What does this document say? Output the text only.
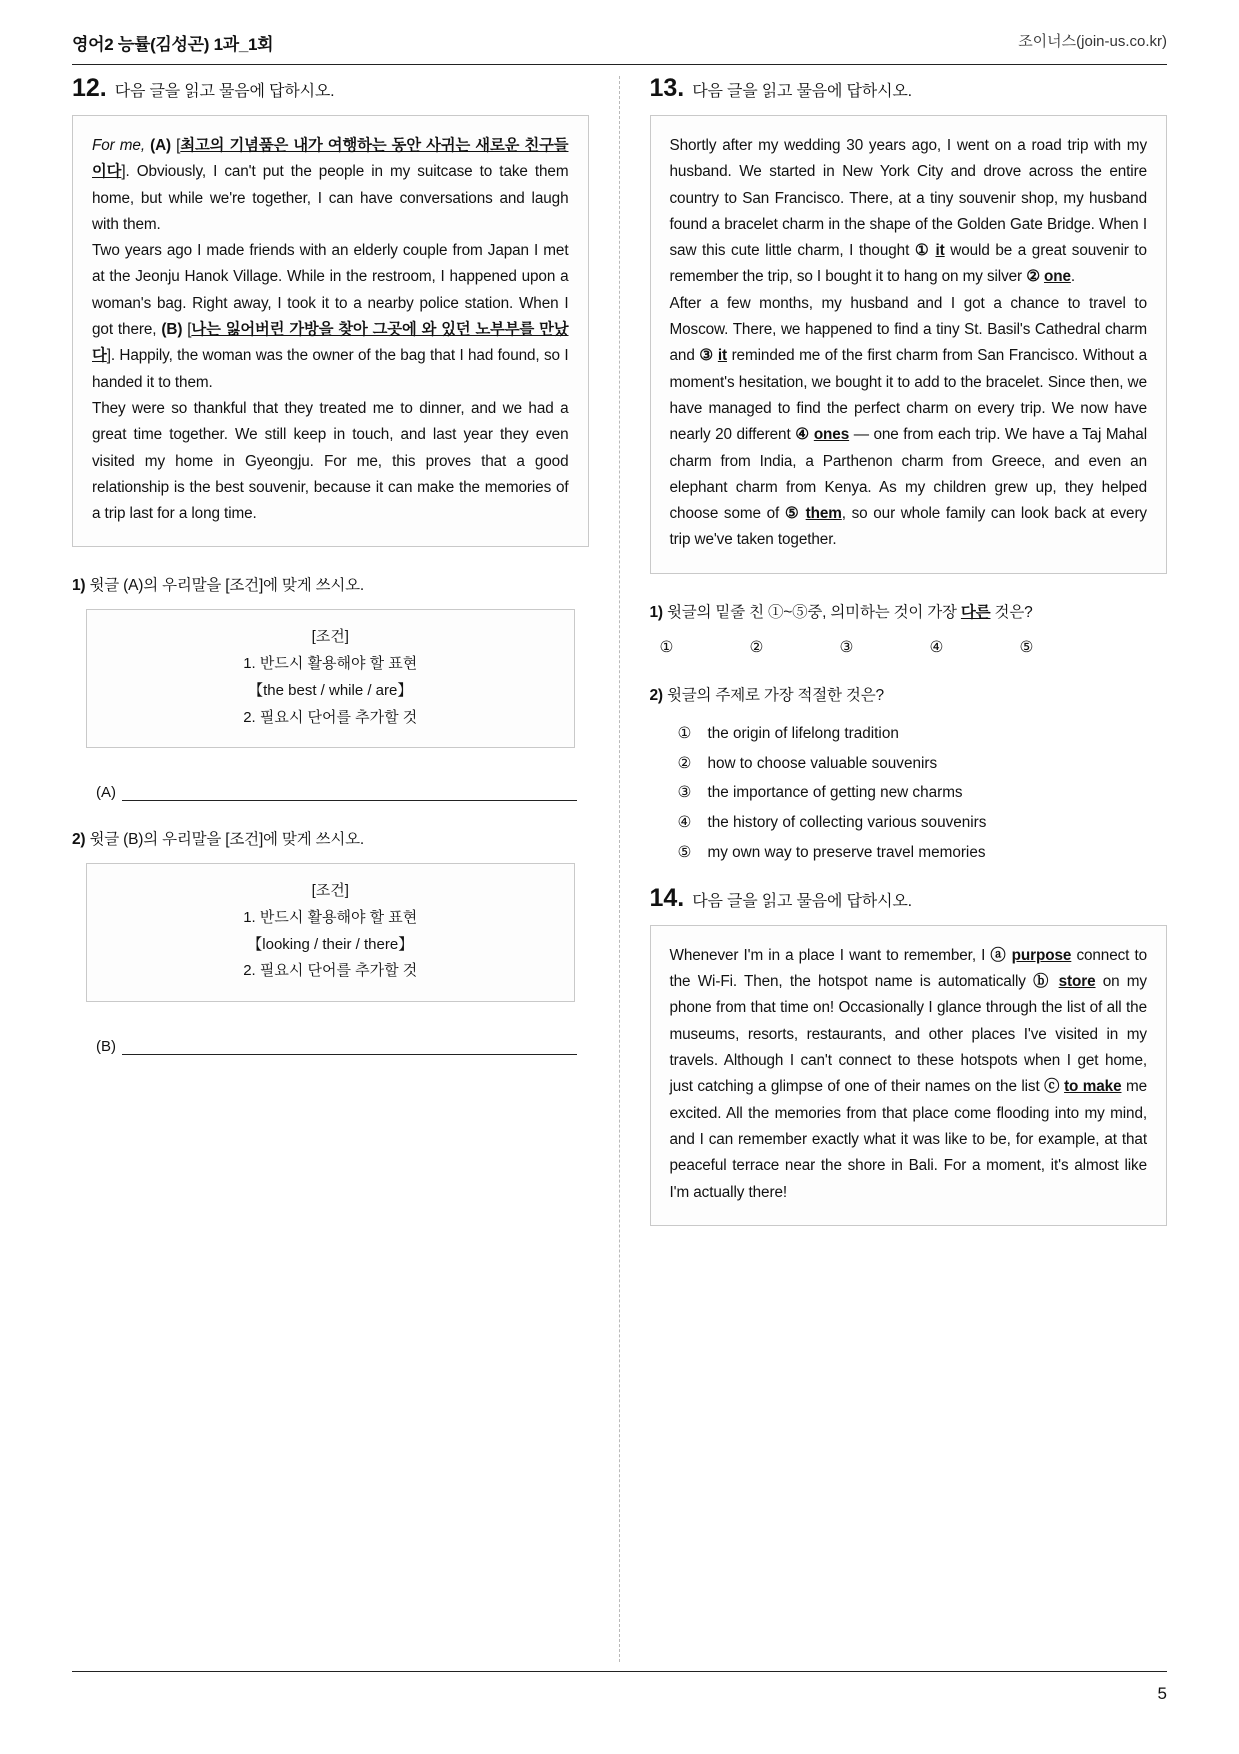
영어2 능률(김성곤) 1과_1회	조이너스(join-us.co.kr)
12. 다음 글을 읽고 물음에 답하시오.

For me, (A) [최고의 기념품은 내가 여행하는 동안 사귀는 새로운 친구들이다]. Obviously, I can't put the people in my suitcase to take them home, but while we're together, I can have conversations and laugh with them.

Two years ago I made friends with an elderly couple from Japan I met at the Jeonju Hanok Village. While in the restroom, I happened upon a woman's bag. Right away, I took it to a nearby police station. When I got there, (B) [나는 잃어버린 가방을 찾아 그곳에 와 있던 노부부를 만났다]. Happily, the woman was the owner of the bag that I had found, so I handed it to them.

They were so thankful that they treated me to dinner, and we had a great time together. We still keep in touch, and last year they even visited my home in Gyeongju. For me, this proves that a good relationship is the best souvenir, because it can make the memories of a trip last for a long time.

1) 윗글 (A)의 우리말을 [조건]에 맞게 쓰시오.
[조건]
1. 반드시 활용해야 할 표현
【the best / while / are】
2. 필요시 단어를 추가할 것
(A)
2) 윗글 (B)의 우리말을 [조건]에 맞게 쓰시오.
[조건]
1. 반드시 활용해야 할 표현
【looking / their / there】
2. 필요시 단어를 추가할 것
(B)
13. 다음 글을 읽고 물음에 답하시오.

Shortly after my wedding 30 years ago, I went on a road trip with my husband. We started in New York City and drove across the entire country to San Francisco. There, at a tiny souvenir shop, my husband found a bracelet charm in the shape of the Golden Gate Bridge. When I saw this cute little charm, I thought ① it would be a great souvenir to remember the trip, so I bought it to hang on my silver ② one.

After a few months, my husband and I got a chance to travel to Moscow. There, we happened to find a tiny St. Basil's Cathedral charm and ③ it reminded me of the first charm from San Francisco. Without a moment's hesitation, we bought it to add to the bracelet. Since then, we have managed to find the perfect charm on every trip. We now have nearly 20 different ④ ones — one from each trip. We have a Taj Mahal charm from India, a Parthenon charm from Greece, and even an elephant charm from Kenya. As my children grew up, they helped choose some of ⑤ them, so our whole family can look back at every trip we've taken together.

1) 윗글의 밑줄 친 ①~⑤중, 의미하는 것이 가장 다른 것은?
①	②	③	④	⑤
2) 윗글의 주제로 가장 적절한 것은?
① the origin of lifelong tradition
② how to choose valuable souvenirs
③ the importance of getting new charms
④ the history of collecting various souvenirs
⑤ my own way to preserve travel memories
14. 다음 글을 읽고 물음에 답하시오.

Whenever I'm in a place I want to remember, I ⓐ purpose connect to the Wi-Fi. Then, the hotspot name is automatically ⓑ store on my phone from that time on! Occasionally I glance through the list of all the museums, resorts, restaurants, and other places I've visited in my travels. Although I can't connect to these hotspots when I get home, just catching a glimpse of one of their names on the list ⓒ to make me excited. All the memories from that place come flooding into my mind, and I can remember exactly what it was like to be, for example, at that peaceful terrace near the shore in Bali. For a moment, it's almost like I'm actually there!

5
